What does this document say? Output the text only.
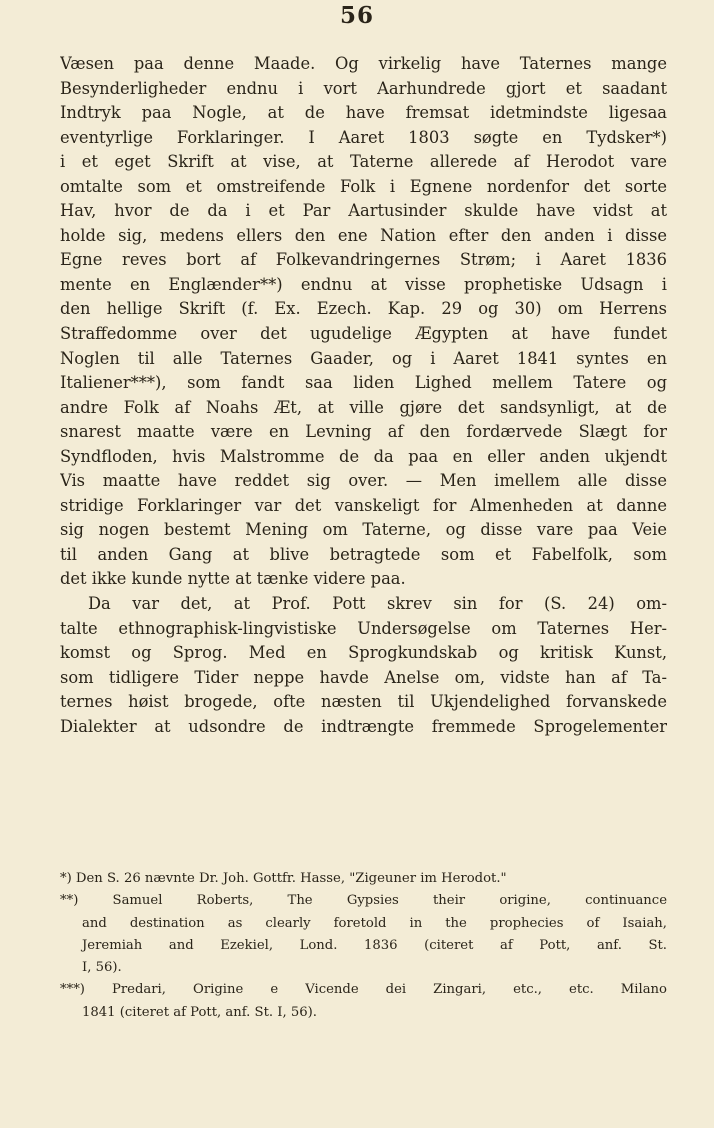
56
Væsen paa denne Maade. Og virkelig have Taternes mange
Besynderligheder endnu i vort Aarhundrede gjort et saadant
Indtryk paa Nogle, at de have fremsat idetmindste ligesaa
eventyrlige Forklaringer. I Aaret 1803 søgte en Tydsker*)
i et eget Skrift at vise, at Taterne allerede af Herodot vare
omtalte som et omstreifende Folk i Egnene nordenfor det sorte
Hav, hvor de da i et Par Aartusinder skulde have vidst at
holde sig, medens ellers den ene Nation efter den anden i disse
Egne reves bort af Folkevandringernes Strøm; i Aaret 1836
mente en Englænder**) endnu at visse prophetiske Udsagn i
den hellige Skrift (f. Ex. Ezech. Kap. 29 og 30) om Herrens
Straffedomme over det ugudelige Ægypten at have fundet
Noglen til alle Taternes Gaader, og i Aaret 1841 syntes en
Italiener***), som fandt saa liden Lighed mellem Tatere og
andre Folk af Noahs Æt, at ville gjøre det sandsynligt, at de
snarest maatte være en Levning af den fordærvede Slægt for
Syndfloden, hvis Malstromme de da paa en eller anden ukjendt
Vis maatte have reddet sig over. — Men imellem alle disse
stridige Forklaringer var det vanskeligt for Almenheden at danne
sig nogen bestemt Mening om Taterne, og disse vare paa Veie
til anden Gang at blive betragtede som et Fabelfolk, som
det ikke kunde nytte at tænke videre paa.
Da var det, at Prof. Pott skrev sin for (S. 24) om-
talte ethnographisk-lingvistiske Undersøgelse om Taternes Her-
komst og Sprog. Med en Sprogkundskab og kritisk Kunst,
som tidligere Tider neppe havde Anelse om, vidste han af Ta-
ternes høist brogede, ofte næsten til Ukjendelighed forvanskede
Dialekter at udsondre de indtrængte fremmede Sprogelementer
*) Den S. 26 nævnte Dr. Joh. Gottfr. Hasse, "Zigeuner im Herodot."
**) Samuel Roberts, The Gypsies their origine, continuance
and destination as clearly foretold in the prophecies of Isaiah,
Jeremiah and Ezekiel, Lond. 1836 (citeret af Pott, anf. St.
I, 56).
***) Predari, Origine e Vicende dei Zingari, etc., etc. Milano
1841 (citeret af Pott, anf. St. I, 56).
